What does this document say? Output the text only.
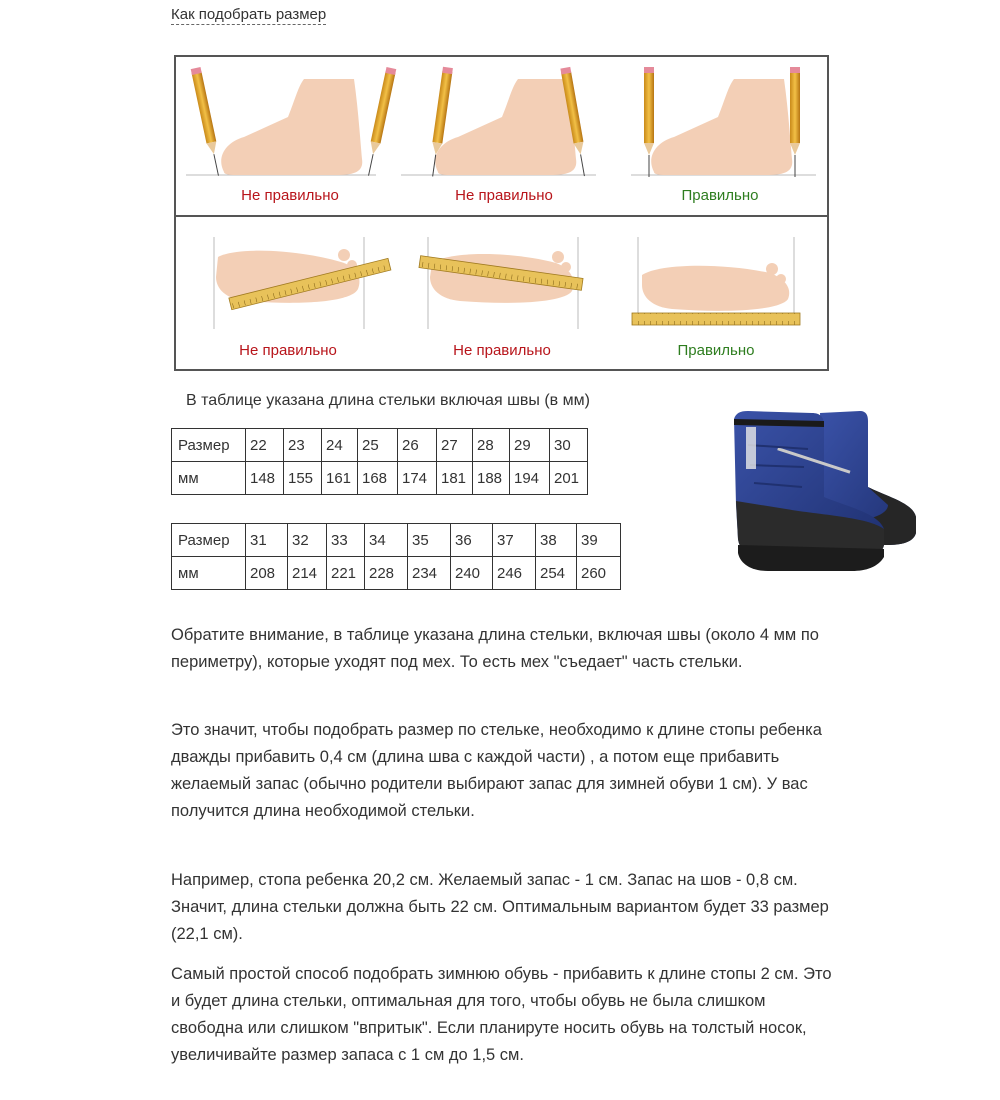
Как подобрать размер
Не правильно	Не правильно	Правильно
Не правильно	Не правильно	Правильно
В таблице указана длина стельки включая швы (в мм)
Размер	22	23	24	25	26	27	28	29	30
мм	148	155	161	168	174	181	188	194	201
Размер	31	32	33	34	35	36	37	38	39
мм	208	214	221	228	234	240	246	254	260

Обратите внимание, в таблице указана длина стельки, включая швы (около 4 мм по периметру), которые уходят под мех. То есть мех "съедает" часть стельки.

Это значит, чтобы подобрать размер по стельке, необходимо к длине стопы ребенка дважды прибавить 0,4 см (длина шва с каждой части) , а потом еще прибавить желаемый запас (обычно родители выбирают запас для зимней обуви 1 см). У вас получится длина необходимой стельки.

Например, стопа ребенка 20,2 см. Желаемый запас - 1 см. Запас на шов - 0,8 см. Значит, длина стельки должна быть 22 см. Оптимальным вариантом будет 33 размер (22,1 см).

Самый простой способ подобрать зимнюю обувь - прибавить к длине стопы 2 см. Это и будет длина стельки, оптимальная для того, чтобы обувь не была слишком свободна или слишком "впритык". Если планируте носить обувь на толстый носок, увеличивайте размер запаса с 1 см до 1,5 см.
